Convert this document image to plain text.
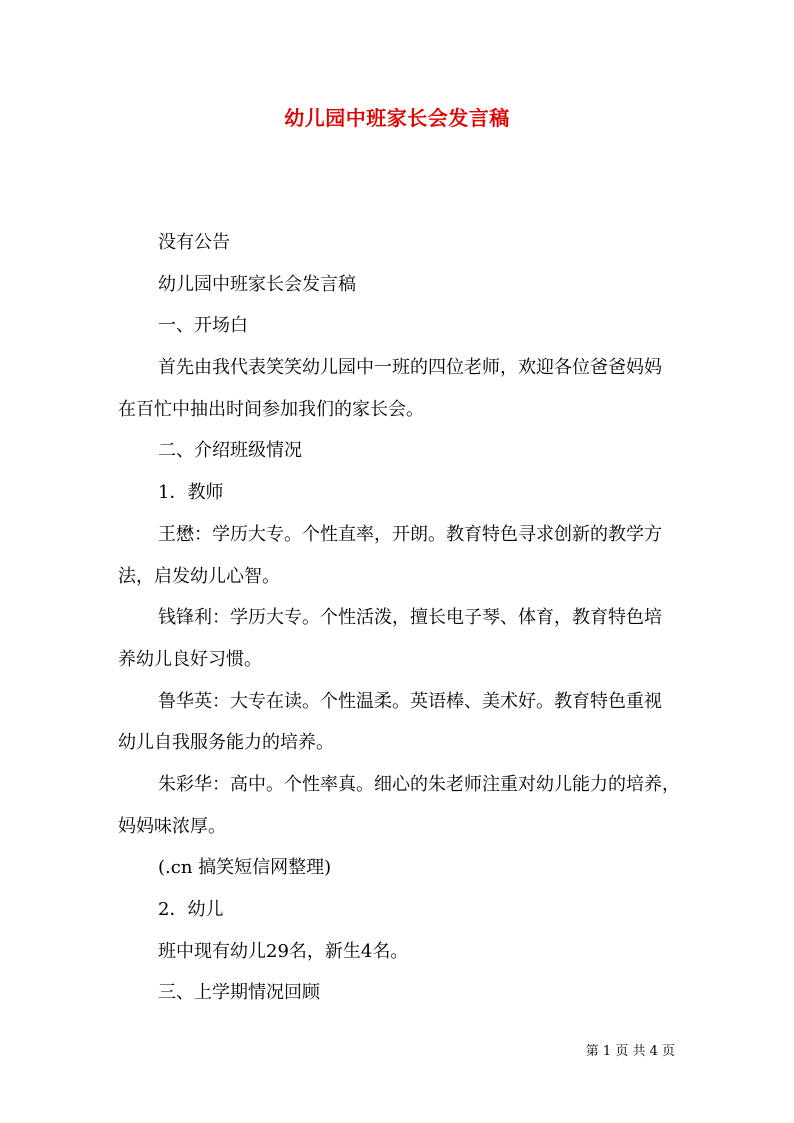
幼儿园中班家长会发言稿
没有公告
幼儿园中班家长会发言稿
一、开场白
首先由我代表笑笑幼儿园中一班的四位老师，欢迎各位爸爸妈妈
在百忙中抽出时间参加我们的家长会。
二、介绍班级情况
1．教师
王懋：学历大专。个性直率，开朗。教育特色寻求创新的教学方
法，启发幼儿心智。
钱锋利：学历大专。个性活泼，擅长电子琴、体育，教育特色培
养幼儿良好习惯。
鲁华英：大专在读。个性温柔。英语棒、美术好。教育特色重视
幼儿自我服务能力的培养。
朱彩华：高中。个性率真。细心的朱老师注重对幼儿能力的培养，
妈妈味浓厚。
(.cn 搞笑短信网整理)
2．幼儿
班中现有幼儿29名，新生4名。
三、上学期情况回顾
第 1 页 共 4 页
